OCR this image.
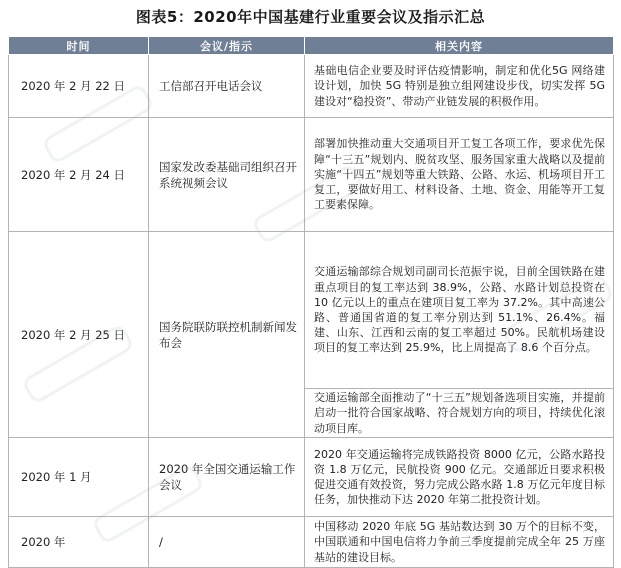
图表5：2020年中国基建行业重要会议及指示汇总
时间	会议/指示	相关内容
2020 年 2 月 22 日	工信部召开电话会议	基础电信企业要及时评估疫情影响，制定和优化5G 网络建设计划，加快 5G 特别是独立组网建设步伐，切实发挥 5G 建设对“稳投资”、带动产业链发展的积极作用。
2020 年 2 月 24 日	国家发改委基础司组织召开系统视频会议	部署加快推动重大交通项目开工复工各项工作，要求优先保障“十三五”规划内、脱贫攻坚、服务国家重大战略以及提前实施“十四五”规划等重大铁路、公路、水运、机场项目开工复工，要做好用工、材料设备、土地、资金、用能等开工复工要素保障。
2020 年 2 月 25 日	国务院联防联控机制新闻发布会	交通运输部综合规划司副司长范振宇说，目前全国铁路在建重点项目的复工率达到 38.9%，公路、水路计划总投资在 10 亿元以上的重点在建项目复工率为 37.2%。其中高速公路、普通国省道的复工率分别达到 51.1%、26.4%。福建、山东、江西和云南的复工率超过 50%。民航机场建设项目的复工率达到 25.9%，比上周提高了 8.6 个百分点。
		交通运输部全面推动了“十三五”规划备选项目实施，并提前启动一批符合国家战略、符合规划方向的项目，持续优化滚动项目库。
2020 年 1 月	2020 年全国交通运输工作会议	2020 年交通运输将完成铁路投资 8000 亿元，公路水路投资 1.8 万亿元，民航投资 900 亿元。交通部近日要求积极促进交通有效投资，努力完成公路水路 1.8 万亿元年度目标任务，加快推动下达 2020 年第二批投资计划。
2020 年	/	中国移动 2020 年底 5G 基站数达到 30 万个的目标不变，中国联通和中国电信将力争前三季度提前完成全年 25 万座基站的建设目标。
